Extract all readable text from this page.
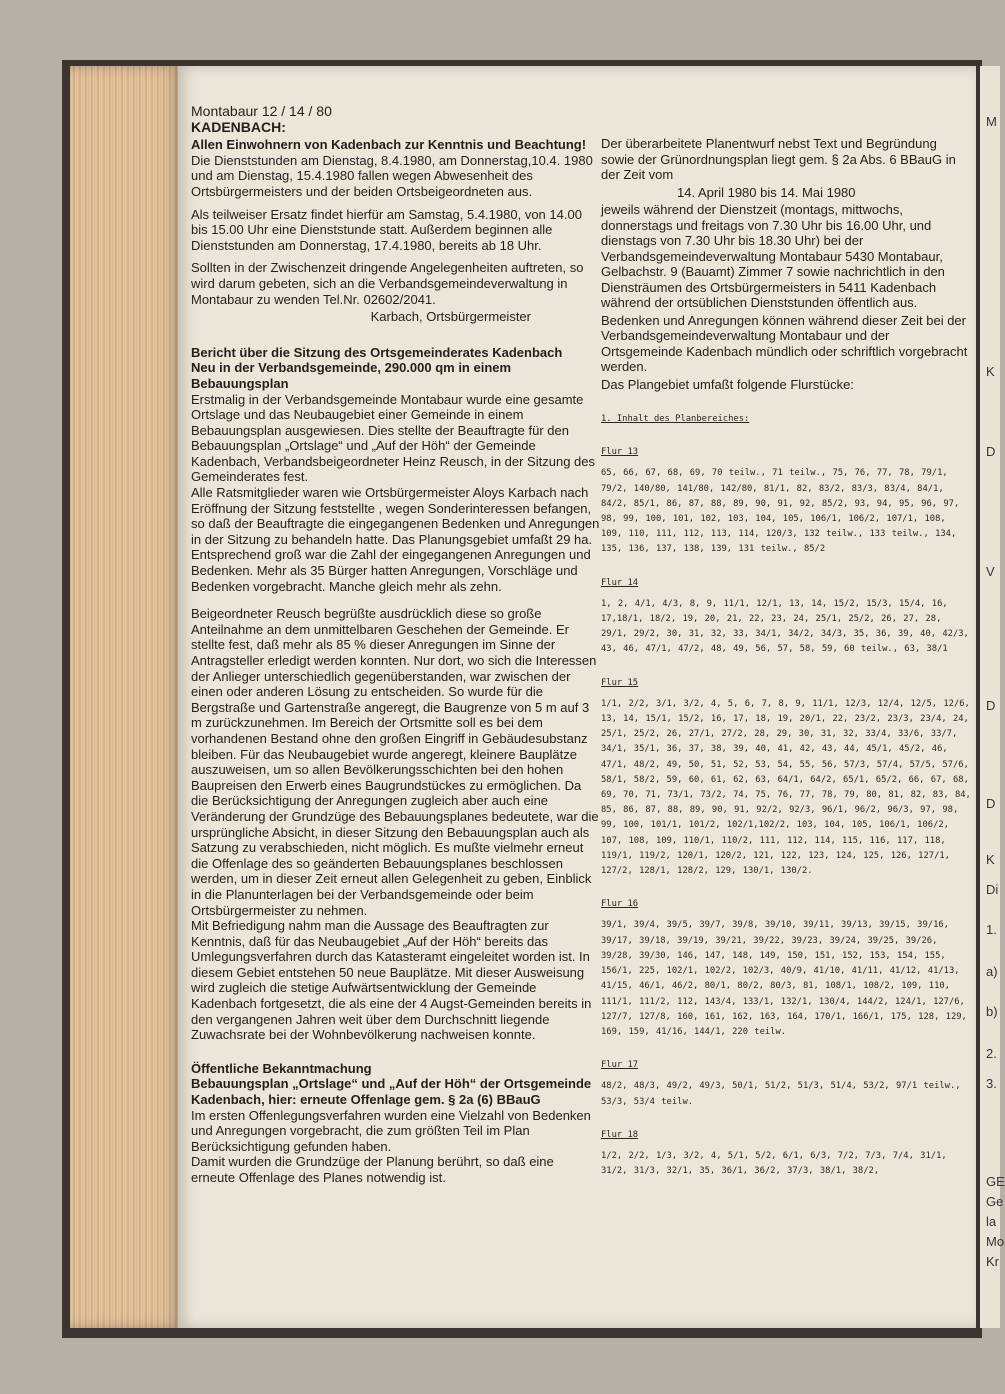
M
K
D
V
D
D
K
Di
1.
a)
b)
2.
3.
GE
Ge
la
Mo
Kr

Montabaur 12 / 14 / 80

KADENBACH:

Allen Einwohnern von Kadenbach zur Kenntnis und Beachtung!

Die Dienststunden am Dienstag, 8.4.1980, am Donnerstag,10.4. 1980 und am Dienstag, 15.4.1980 fallen wegen Abwesenheit des Ortsbürgermeisters und der beiden Ortsbeigeordneten aus.

Als teilweiser Ersatz findet hierfür am Samstag, 5.4.1980, von 14.00 bis 15.00 Uhr eine Dienststunde statt. Außerdem beginnen alle Dienststunden am Donnerstag, 17.4.1980, bereits ab 18 Uhr.

Sollten in der Zwischenzeit dringende Angelegenheiten auftreten, so wird darum gebeten, sich an die Verbandsgemeindeverwaltung in Montabaur zu wenden Tel.Nr. 02602/2041.

Karbach, Ortsbürgermeister

Bericht über die Sitzung des Ortsgemeinderates Kadenbach

Neu in der Verbandsgemeinde, 290.000 qm in einem Bebauungsplan

Erstmalig in der Verbandsgemeinde Montabaur wurde eine gesamte Ortslage und das Neubaugebiet einer Gemeinde in einem Bebauungsplan ausgewiesen. Dies stellte der Beauftragte für den Bebauungsplan „Ortslage“ und „Auf der Höh“ der Gemeinde Kadenbach, Verbandsbeigeordneter Heinz Reusch, in der Sitzung des Gemeinderates fest.

Alle Ratsmitglieder waren wie Ortsbürgermeister Aloys Karbach nach Eröffnung der Sitzung feststellte , wegen Sonderinteressen befangen, so daß der Beauftragte die eingegangenen Bedenken und Anregungen in der Sitzung zu behandeln hatte. Das Planungsgebiet umfaßt 29 ha. Entsprechend groß war die Zahl der eingegangenen Anregungen und Bedenken. Mehr als 35 Bürger hatten Anregungen, Vorschläge und Bedenken vorgebracht. Manche gleich mehr als zehn.

Beigeordneter Reusch begrüßte ausdrücklich diese so große Anteilnahme an dem unmittelbaren Geschehen der Gemeinde. Er stellte fest, daß mehr als 85 % dieser Anregungen im Sinne der Antragsteller erledigt werden konnten. Nur dort, wo sich die Interessen der Anlieger unterschiedlich gegenüberstanden, war zwischen der einen oder anderen Lösung zu entscheiden. So wurde für die Bergstraße und Gartenstraße angeregt, die Baugrenze von 5 m auf 3 m zurückzunehmen. Im Bereich der Ortsmitte soll es bei dem vorhandenen Bestand ohne den großen Eingriff in Gebäudesubstanz bleiben. Für das Neubaugebiet wurde angeregt, kleinere Bauplätze auszuweisen, um so allen Bevölkerungsschichten bei den hohen Baupreisen den Erwerb eines Baugrundstückes zu ermöglichen. Da die Berücksichtigung der Anregungen zugleich aber auch eine Veränderung der Grundzüge des Bebauungsplanes bedeutete, war die ursprüngliche Absicht, in dieser Sitzung den Bebauungsplan auch als Satzung zu verabschieden, nicht möglich. Es mußte vielmehr erneut die Offenlage des so geänderten Bebauungsplanes beschlossen werden, um in dieser Zeit erneut allen Gelegenheit zu geben, Einblick in die Planunterlagen bei der Verbandsgemeinde oder beim Ortsbürgermeister zu nehmen.

Mit Befriedigung nahm man die Aussage des Beauftragten zur Kenntnis, daß für das Neubaugebiet „Auf der Höh“ bereits das Umlegungsverfahren durch das Katasteramt eingeleitet worden ist. In diesem Gebiet entstehen 50 neue Bauplätze. Mit dieser Ausweisung wird zugleich die stetige Aufwärtsentwicklung der Gemeinde Kadenbach fortgesetzt, die als eine der 4 Augst-Gemeinden bereits in den vergangenen Jahren weit über dem Durchschnitt liegende Zuwachsrate bei der Wohnbevölkerung nachweisen konnte.

Öffentliche Bekanntmachung

Bebauungsplan „Ortslage“ und „Auf der Höh“ der Ortsgemeinde Kadenbach, hier: erneute Offenlage gem. § 2a (6) BBauG

Im ersten Offenlegungsverfahren wurden eine Vielzahl von Bedenken und Anregungen vorgebracht, die zum größten Teil im Plan Berücksichtigung gefunden haben.

Damit wurden die Grundzüge der Planung berührt, so daß eine erneute Offenlage des Planes notwendig ist.

Der überarbeitete Planentwurf nebst Text und Begründung sowie der Grünordnungsplan liegt gem. § 2a Abs. 6 BBauG in der Zeit vom

14. April 1980 bis 14. Mai 1980

jeweils während der Dienstzeit (montags, mittwochs, donnerstags und freitags von 7.30 Uhr bis 16.00 Uhr, und dienstags von 7.30 Uhr bis 18.30 Uhr) bei der Verbandsgemeindeverwaltung Montabaur 5430 Montabaur, Gelbachstr. 9 (Bauamt) Zimmer 7 sowie nachrichtlich in den Diensträumen des Ortsbürgermeisters in 5411 Kadenbach während der ortsüblichen Dienststunden öffentlich aus.

Bedenken und Anregungen können während dieser Zeit bei der Verbandsgemeindeverwaltung Montabaur und der Ortsgemeinde Kadenbach mündlich oder schriftlich vorgebracht werden.

Das Plangebiet umfaßt folgende Flurstücke:

1. Inhalt des Planbereiches:
Flur 13

65, 66, 67, 68, 69, 70 teilw., 71 teilw., 75, 76, 77, 78, 79/1, 79/2, 140/80, 141/80, 142/80, 81/1, 82, 83/2, 83/3, 83/4, 84/1, 84/2, 85/1, 86, 87, 88, 89, 90, 91, 92, 85/2, 93, 94, 95, 96, 97, 98, 99, 100, 101, 102, 103, 104, 105, 106/1, 106/2, 107/1, 108, 109, 110, 111, 112, 113, 114, 120/3, 132 teilw., 133 teilw., 134, 135, 136, 137, 138, 139, 131 teilw., 85/2

Flur 14

1, 2, 4/1, 4/3, 8, 9, 11/1, 12/1, 13, 14, 15/2, 15/3, 15/4, 16, 17,18/1, 18/2, 19, 20, 21, 22, 23, 24, 25/1, 25/2, 26, 27, 28, 29/1, 29/2, 30, 31, 32, 33, 34/1, 34/2, 34/3, 35, 36, 39, 40, 42/3, 43, 46, 47/1, 47/2, 48, 49, 56, 57, 58, 59, 60 teilw., 63, 38/1

Flur 15

1/1, 2/2, 3/1, 3/2, 4, 5, 6, 7, 8, 9, 11/1, 12/3, 12/4, 12/5, 12/6, 13, 14, 15/1, 15/2, 16, 17, 18, 19, 20/1, 22, 23/2, 23/3, 23/4, 24, 25/1, 25/2, 26, 27/1, 27/2, 28, 29, 30, 31, 32, 33/4, 33/6, 33/7, 34/1, 35/1, 36, 37, 38, 39, 40, 41, 42, 43, 44, 45/1, 45/2, 46, 47/1, 48/2, 49, 50, 51, 52, 53, 54, 55, 56, 57/3, 57/4, 57/5, 57/6, 58/1, 58/2, 59, 60, 61, 62, 63, 64/1, 64/2, 65/1, 65/2, 66, 67, 68, 69, 70, 71, 73/1, 73/2, 74, 75, 76, 77, 78, 79, 80, 81, 82, 83, 84, 85, 86, 87, 88, 89, 90, 91, 92/2, 92/3, 96/1, 96/2, 96/3, 97, 98, 99, 100, 101/1, 101/2, 102/1,102/2, 103, 104, 105, 106/1, 106/2, 107, 108, 109, 110/1, 110/2, 111, 112, 114, 115, 116, 117, 118, 119/1, 119/2, 120/1, 120/2, 121, 122, 123, 124, 125, 126, 127/1, 127/2, 128/1, 128/2, 129, 130/1, 130/2.

Flur 16

39/1, 39/4, 39/5, 39/7, 39/8, 39/10, 39/11, 39/13, 39/15, 39/16, 39/17, 39/18, 39/19, 39/21, 39/22, 39/23, 39/24, 39/25, 39/26, 39/28, 39/30, 146, 147, 148, 149, 150, 151, 152, 153, 154, 155, 156/1, 225, 102/1, 102/2, 102/3, 40/9, 41/10, 41/11, 41/12, 41/13, 41/15, 46/1, 46/2, 80/1, 80/2, 80/3, 81, 108/1, 108/2, 109, 110, 111/1, 111/2, 112, 143/4, 133/1, 132/1, 130/4, 144/2, 124/1, 127/6, 127/7, 127/8, 160, 161, 162, 163, 164, 170/1, 166/1, 175, 128, 129, 169, 159, 41/16, 144/1, 220 teilw.

Flur 17

48/2, 48/3, 49/2, 49/3, 50/1, 51/2, 51/3, 51/4, 53/2, 97/1 teilw., 53/3, 53/4 teilw.

Flur 18

1/2, 2/2, 1/3, 3/2, 4, 5/1, 5/2, 6/1, 6/3, 7/2, 7/3, 7/4, 31/1, 31/2, 31/3, 32/1, 35, 36/1, 36/2, 37/3, 38/1, 38/2,
